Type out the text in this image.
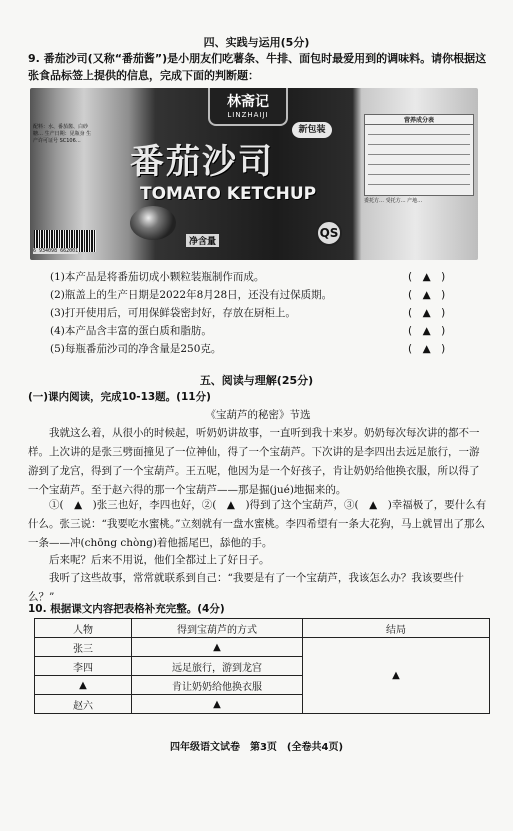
四、实践与运用(5分)
9. 番茄沙司(又称“番茄酱”)是小朋友们吃薯条、牛排、面包时最爱用到的调味料。请你根据这张食品标签上提供的信息，完成下面的判断题：
配料：水、番茄酱、白砂糖… 生产日期：见瓶身 生产许可证号 SC106…
林斋记
LINZHAIJI
新包装
番茄沙司
TOMATO KETCHUP
净含量
6 934098 662001
营养成分表
委托方… 受托方… 产地…
QS
(1)本产品是将番茄切成小颗粒装瓶制作而成。	(　▲　)
(2)瓶盖上的生产日期是2022年8月28日，还没有过保质期。	(　▲　)
(3)打开使用后，可用保鲜袋密封好，存放在厨柜上。	(　▲　)
(4)本产品含丰富的蛋白质和脂肪。	(　▲　)
(5)每瓶番茄沙司的净含量是250克。	(　▲　)
五、阅读与理解(25分)
(一)课内阅读，完成10-13题。(11分)
《宝葫芦的秘密》节选
我就这么着，从很小的时候起，听奶奶讲故事，一直听到我十来岁。奶奶每次每次讲的都不一样。上次讲的是张三劈面撞见了一位神仙，得了一个宝葫芦。下次讲的是李四出去远足旅行，一游游到了龙宫，得到了一个宝葫芦。王五呢，他因为是一个好孩子，肯让奶奶给他换衣服，所以得了一个宝葫芦。至于赵六得的那一个宝葫芦——那是掘(jué)地掘来的。
①(　▲　)张三也好，李四也好，②(　▲　)得到了这个宝葫芦，③(　▲　)幸福极了，要什么有什么。张三说：“我要吃水蜜桃。”立刻就有一盘水蜜桃。李四希望有一条大花狗，马上就冒出了那么一条——冲(chōng chòng)着他摇尾巴，舔他的手。
后来呢？后来不用说，他们全都过上了好日子。
我听了这些故事，常常就联系到自己：“我要是有了一个宝葫芦，我该怎么办？我该要些什么？”
10. 根据课文内容把表格补充完整。(4分)
人物	得到宝葫芦的方式	结局
张三	▲	▲
李四	远足旅行，游到龙宫	
▲	肯让奶奶给他换衣服	
赵六	▲	
四年级语文试卷　第3页　(全卷共4页)
